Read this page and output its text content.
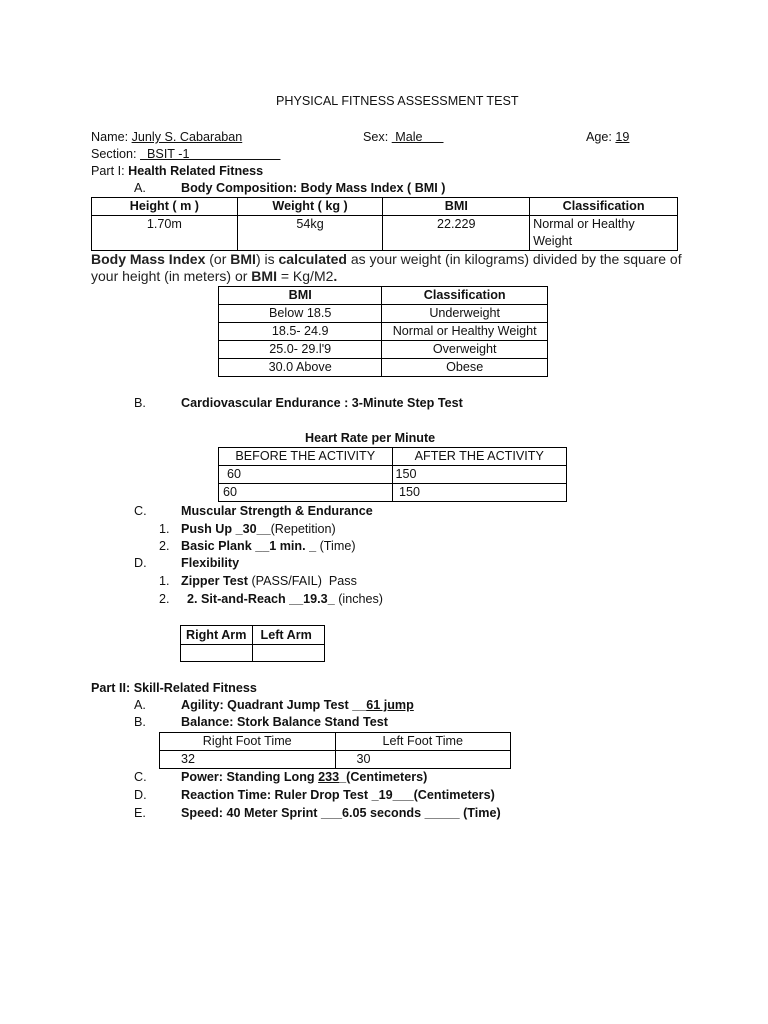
PHYSICAL FITNESS ASSESSMENT TEST
Name: Junly S. Cabaraban	Sex:  Male	Age: 19
Section:   BSIT -1
Part I: Health Related Fitness
A.	Body Composition: Body Mass Index ( BMI )
Height ( m )	Weight ( kg )	BMI	Classification
1.70m	54kg	22.229	Normal or Healthy Weight
Body Mass Index (or BMI) is calculated as your weight (in kilograms) divided by the square of your height (in meters) or BMI = Kg/M2.
BMI	Classification
Below 18.5	Underweight
18.5- 24.9	Normal or Healthy Weight
25.0- 29.l'9	Overweight
30.0 Above	Obese
B.	Cardiovascular Endurance : 3-Minute Step Test
Heart Rate per Minute
BEFORE THE ACTIVITY	AFTER THE ACTIVITY
60	150
60	150
C.	Muscular Strength & Endurance
1. Push Up _30__(Repetition)
2. Basic Plank __1 min. _ (Time)
D.	Flexibility
1. Zipper Test (PASS/FAIL)  Pass
2. 2. Sit-and-Reach __19.3_ (inches)
Right Arm	Left Arm

Part II: Skill-Related Fitness
A.	Agility: Quadrant Jump Test __61 jump
B.	Balance: Stork Balance Stand Test
Right Foot Time	Left Foot Time
32	30
C.	Power: Standing Long 233_(Centimeters)
D.	Reaction Time: Ruler Drop Test _19___(Centimeters)
E.	Speed: 40 Meter Sprint ___6.05 seconds _____ (Time)
